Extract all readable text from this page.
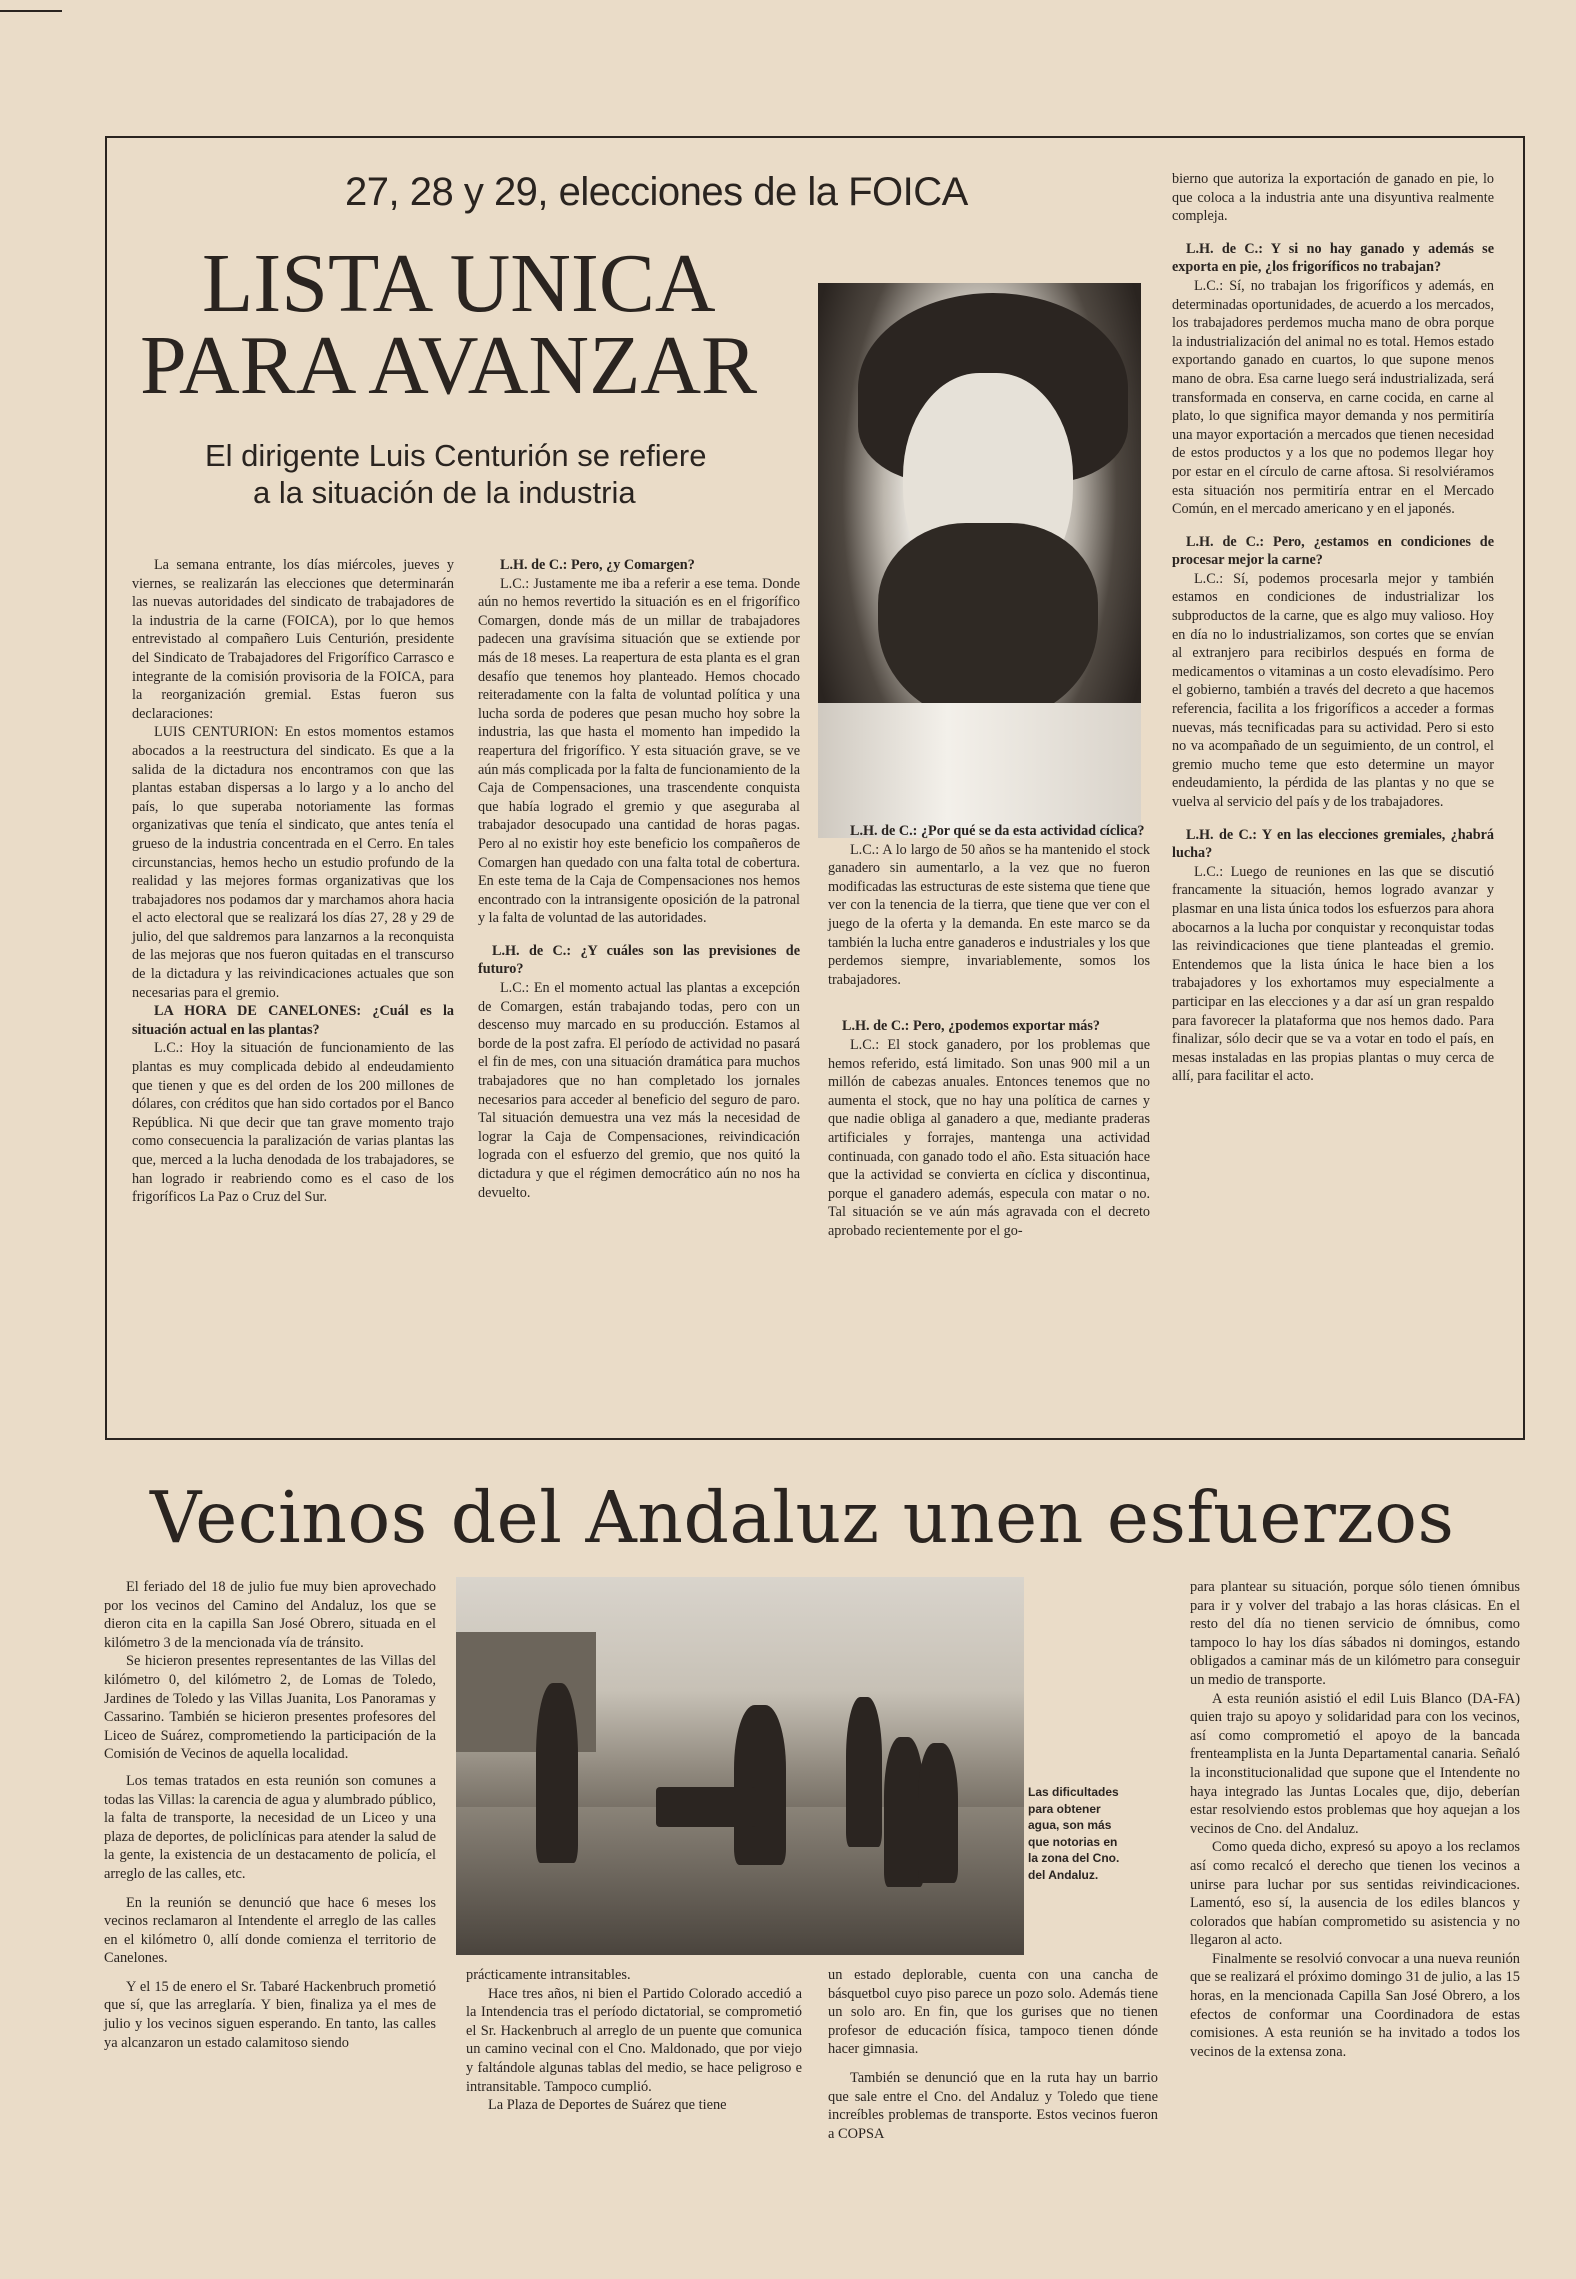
27, 28 y 29, elecciones de la FOICA
LISTA UNICA
PARA AVANZAR
El dirigente Luis Centurión se refiere
a la situación de la industria

La semana entrante, los días miércoles, jueves y viernes, se realizarán las elecciones que determinarán las nuevas autoridades del sindicato de trabajadores de la industria de la carne (FOICA), por lo que hemos entrevistado al compañero Luis Centurión, presidente del Sindicato de Trabajadores del Frigorífico Carrasco e integrante de la comisión provisoria de la FOICA, para la reorganización gremial. Estas fueron sus declaraciones:

LUIS CENTURION: En estos momentos estamos abocados a la reestructura del sindicato. Es que a la salida de la dictadura nos encontramos con que las plantas estaban dispersas a lo largo y a lo ancho del país, lo que superaba notoriamente las formas organizativas que tenía el sindicato, que antes tenía el grueso de la industria concentrada en el Cerro. En tales circunstancias, hemos hecho un estudio profundo de la realidad y las mejores formas organizativas que los trabajadores nos podamos dar y marchamos ahora hacia el acto electoral que se realizará los días 27, 28 y 29 de julio, del que saldremos para lanzarnos a la reconquista de las mejoras que nos fueron quitadas en el transcurso de la dictadura y las reivindicaciones actuales que son necesarias para el gremio.

LA HORA DE CANELONES: ¿Cuál es la situación actual en las plantas?

L.C.: Hoy la situación de funcionamiento de las plantas es muy complicada debido al endeudamiento que tienen y que es del orden de los 200 millones de dólares, con créditos que han sido cortados por el Banco República. Ni que decir que tan grave momento trajo como consecuencia la paralización de varias plantas las que, merced a la lucha denodada de los trabajadores, se han logrado ir reabriendo como es el caso de los frigoríficos La Paz o Cruz del Sur.

L.H. de C.: Pero, ¿y Comargen?

L.C.: Justamente me iba a referir a ese tema. Donde aún no hemos revertido la situación es en el frigorífico Comargen, donde más de un millar de trabajadores padecen una gravísima situación que se extiende por más de 18 meses. La reapertura de esta planta es el gran desafío que tenemos hoy planteado. Hemos chocado reiteradamente con la falta de voluntad política y una lucha sorda de poderes que pesan mucho hoy sobre la industria, las que hasta el momento han impedido la reapertura del frigorífico. Y esta situación grave, se ve aún más complicada por la falta de funcionamiento de la Caja de Compensaciones, una trascendente conquista que había logrado el gremio y que aseguraba al trabajador desocupado una cantidad de horas pagas. Pero al no existir hoy este beneficio los compañeros de Comargen han quedado con una falta total de cobertura. En este tema de la Caja de Compensaciones nos hemos encontrado con la intransigente oposición de la patronal y la falta de voluntad de las autoridades.

L.H. de C.: ¿Y cuáles son las previsiones de futuro?

L.C.: En el momento actual las plantas a excepción de Comargen, están trabajando todas, pero con un descenso muy marcado en su producción. Estamos al borde de la post zafra. El período de actividad no pasará el fin de mes, con una situación dramática para muchos trabajadores que no han completado los jornales necesarios para acceder al beneficio del seguro de paro. Tal situación demuestra una vez más la necesidad de lograr la Caja de Compensaciones, reivindicación lograda con el esfuerzo del gremio, que nos quitó la dictadura y que el régimen democrático aún no nos ha devuelto.

L.H. de C.: ¿Por qué se da esta actividad cíclica?

L.C.: A lo largo de 50 años se ha mantenido el stock ganadero sin aumentarlo, a la vez que no fueron modificadas las estructuras de este sistema que tiene que ver con la tenencia de la tierra, que tiene que ver con el juego de la oferta y la demanda. En este marco se da también la lucha entre ganaderos e industriales y los que perdemos siempre, invariablemente, somos los trabajadores.

L.H. de C.: Pero, ¿podemos exportar más?

L.C.: El stock ganadero, por los problemas que hemos referido, está limitado. Son unas 900 mil a un millón de cabezas anuales. Entonces tenemos que no aumenta el stock, que no hay una política de carnes y que nadie obliga al ganadero a que, mediante praderas artificiales y forrajes, mantenga una actividad continuada, con ganado todo el año. Esta situación hace que la actividad se convierta en cíclica y discontinua, porque el ganadero además, especula con matar o no. Tal situación se ve aún más agravada con el decreto aprobado recientemente por el go-

bierno que autoriza la exportación de ganado en pie, lo que coloca a la industria ante una disyuntiva realmente compleja.

L.H. de C.: Y si no hay ganado y además se exporta en pie, ¿los frigoríficos no trabajan?

L.C.: Sí, no trabajan los frigoríficos y además, en determinadas oportunidades, de acuerdo a los mercados, los trabajadores perdemos mucha mano de obra porque la industrialización del animal no es total. Hemos estado exportando ganado en cuartos, lo que supone menos mano de obra. Esa carne luego será industrializada, será transformada en conserva, en carne cocida, en carne al plato, lo que significa mayor demanda y nos permitiría una mayor exportación a mercados que tienen necesidad de estos productos y a los que no podemos llegar hoy por estar en el círculo de carne aftosa. Si resolviéramos esta situación nos permitiría entrar en el Mercado Común, en el mercado americano y en el japonés.

L.H. de C.: Pero, ¿estamos en condiciones de procesar mejor la carne?

L.C.: Sí, podemos procesarla mejor y también estamos en condiciones de industrializar los subproductos de la carne, que es algo muy valioso. Hoy en día no lo industrializamos, son cortes que se envían al extranjero para recibirlos después en forma de medicamentos o vitaminas a un costo elevadísimo. Pero el gobierno, también a través del decreto a que hacemos referencia, facilita a los frigoríficos a acceder a formas nuevas, más tecnificadas para su actividad. Pero si esto no va acompañado de un seguimiento, de un control, el gremio mucho teme que esto determine un mayor endeudamiento, la pérdida de las plantas y no que se vuelva al servicio del país y de los trabajadores.

L.H. de C.: Y en las elecciones gremiales, ¿habrá lucha?

L.C.: Luego de reuniones en las que se discutió francamente la situación, hemos logrado avanzar y plasmar en una lista única todos los esfuerzos para ahora abocarnos a la lucha por conquistar y reconquistar todas las reivindicaciones que tiene planteadas el gremio. Entendemos que la lista única le hace bien a los trabajadores y los exhortamos muy especialmente a participar en las elecciones y a dar así un gran respaldo para favorecer la plataforma que nos hemos dado. Para finalizar, sólo decir que se va a votar en todo el país, en mesas instaladas en las propias plantas o muy cerca de allí, para facilitar el acto.

Vecinos del Andaluz unen esfuerzos

El feriado del 18 de julio fue muy bien aprovechado por los vecinos del Camino del Andaluz, los que se dieron cita en la capilla San José Obrero, situada en el kilómetro 3 de la mencionada vía de tránsito.

Se hicieron presentes representantes de las Villas del kilómetro 0, del kilómetro 2, de Lomas de Toledo, Jardines de Toledo y las Villas Juanita, Los Panoramas y Cassarino. También se hicieron presentes profesores del Liceo de Suárez, comprometiendo la participación de la Comisión de Vecinos de aquella localidad.

Los temas tratados en esta reunión son comunes a todas las Villas: la carencia de agua y alumbrado público, la falta de transporte, la necesidad de un Liceo y una plaza de deportes, de policlínicas para atender la salud de la gente, la existencia de un destacamento de policía, el arreglo de las calles, etc.

En la reunión se denunció que hace 6 meses los vecinos reclamaron al Intendente el arreglo de las calles en el kilómetro 0, allí donde comienza el territorio de Canelones.

Y el 15 de enero el Sr. Tabaré Hackenbruch prometió que sí, que las arreglaría. Y bien, finaliza ya el mes de julio y los vecinos siguen esperando. En tanto, las calles ya alcanzaron un estado calamitoso siendo

Las dificultades para obtener agua, son más que notorias en la zona del Cno. del Andaluz.

prácticamente intransitables.

Hace tres años, ni bien el Partido Colorado accedió a la Intendencia tras el período dictatorial, se comprometió el Sr. Hackenbruch al arreglo de un puente que comunica un camino vecinal con el Cno. Maldonado, que por viejo y faltándole algunas tablas del medio, se hace peligroso e intransitable. Tampoco cumplió.

La Plaza de Deportes de Suárez que tiene

un estado deplorable, cuenta con una cancha de básquetbol cuyo piso parece un pozo solo. Además tiene un solo aro. En fin, que los gurises que no tienen profesor de educación física, tampoco tienen dónde hacer gimnasia.

También se denunció que en la ruta hay un barrio que sale entre el Cno. del Andaluz y Toledo que tiene increíbles problemas de transporte. Estos vecinos fueron a COPSA

para plantear su situación, porque sólo tienen ómnibus para ir y volver del trabajo a las horas clásicas. En el resto del día no tienen servicio de ómnibus, como tampoco lo hay los días sábados ni domingos, estando obligados a caminar más de un kilómetro para conseguir un medio de transporte.

A esta reunión asistió el edil Luis Blanco (DA-FA) quien trajo su apoyo y solidaridad para con los vecinos, así como comprometió el apoyo de la bancada frenteamplista en la Junta Departamental canaria. Señaló la inconstitucionalidad que supone que el Intendente no haya integrado las Juntas Locales que, dijo, deberían estar resolviendo estos problemas que hoy aquejan a los vecinos de Cno. del Andaluz.

Como queda dicho, expresó su apoyo a los reclamos así como recalcó el derecho que tienen los vecinos a unirse para luchar por sus sentidas reivindicaciones. Lamentó, eso sí, la ausencia de los ediles blancos y colorados que habían comprometido su asistencia y no llegaron al acto.

Finalmente se resolvió convocar a una nueva reunión que se realizará el próximo domingo 31 de julio, a las 15 horas, en la mencionada Capilla San José Obrero, a los efectos de conformar una Coordinadora de estas comisiones. A esta reunión se ha invitado a todos los vecinos de la extensa zona.
